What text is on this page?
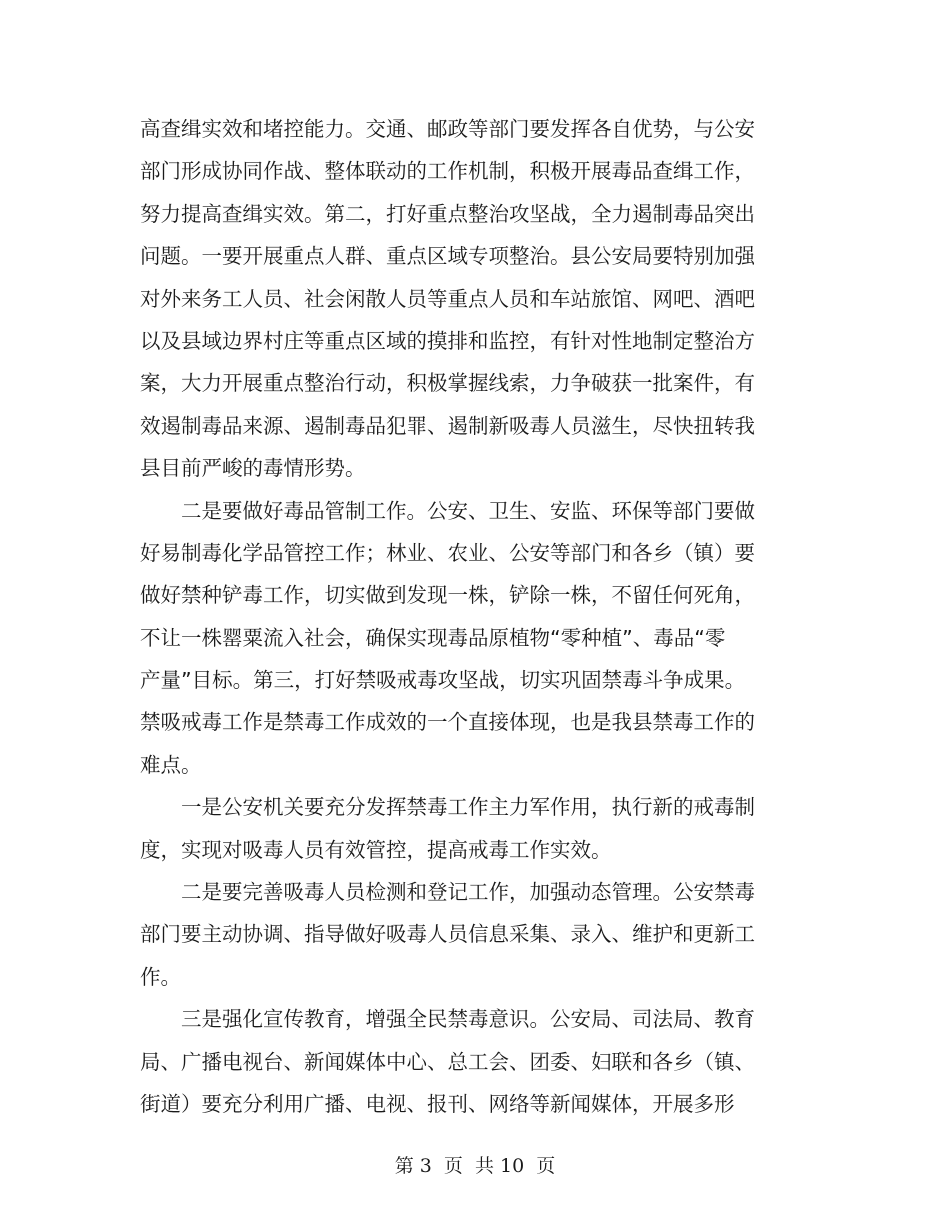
高查缉实效和堵控能力。交通、邮政等部门要发挥各自优势，与公安
部门形成协同作战、整体联动的工作机制，积极开展毒品查缉工作，
努力提高查缉实效。第二，打好重点整治攻坚战，全力遏制毒品突出
问题。一要开展重点人群、重点区域专项整治。县公安局要特别加强
对外来务工人员、社会闲散人员等重点人员和车站旅馆、网吧、酒吧
以及县域边界村庄等重点区域的摸排和监控，有针对性地制定整治方
案，大力开展重点整治行动，积极掌握线索，力争破获一批案件，有
效遏制毒品来源、遏制毒品犯罪、遏制新吸毒人员滋生，尽快扭转我
县目前严峻的毒情形势。
二是要做好毒品管制工作。公安、卫生、安监、环保等部门要做
好易制毒化学品管控工作；林业、农业、公安等部门和各乡（镇）要
做好禁种铲毒工作，切实做到发现一株，铲除一株，不留任何死角，
不让一株罂粟流入社会，确保实现毒品原植物“零种植”、毒品“零
产量”目标。第三，打好禁吸戒毒攻坚战，切实巩固禁毒斗争成果。
禁吸戒毒工作是禁毒工作成效的一个直接体现，也是我县禁毒工作的
难点。
一是公安机关要充分发挥禁毒工作主力军作用，执行新的戒毒制
度，实现对吸毒人员有效管控，提高戒毒工作实效。
二是要完善吸毒人员检测和登记工作，加强动态管理。公安禁毒
部门要主动协调、指导做好吸毒人员信息采集、录入、维护和更新工
作。
三是强化宣传教育，增强全民禁毒意识。公安局、司法局、教育
局、广播电视台、新闻媒体中心、总工会、团委、妇联和各乡（镇、
街道）要充分利用广播、电视、报刊、网络等新闻媒体，开展多形
第 3  页  共 10  页
